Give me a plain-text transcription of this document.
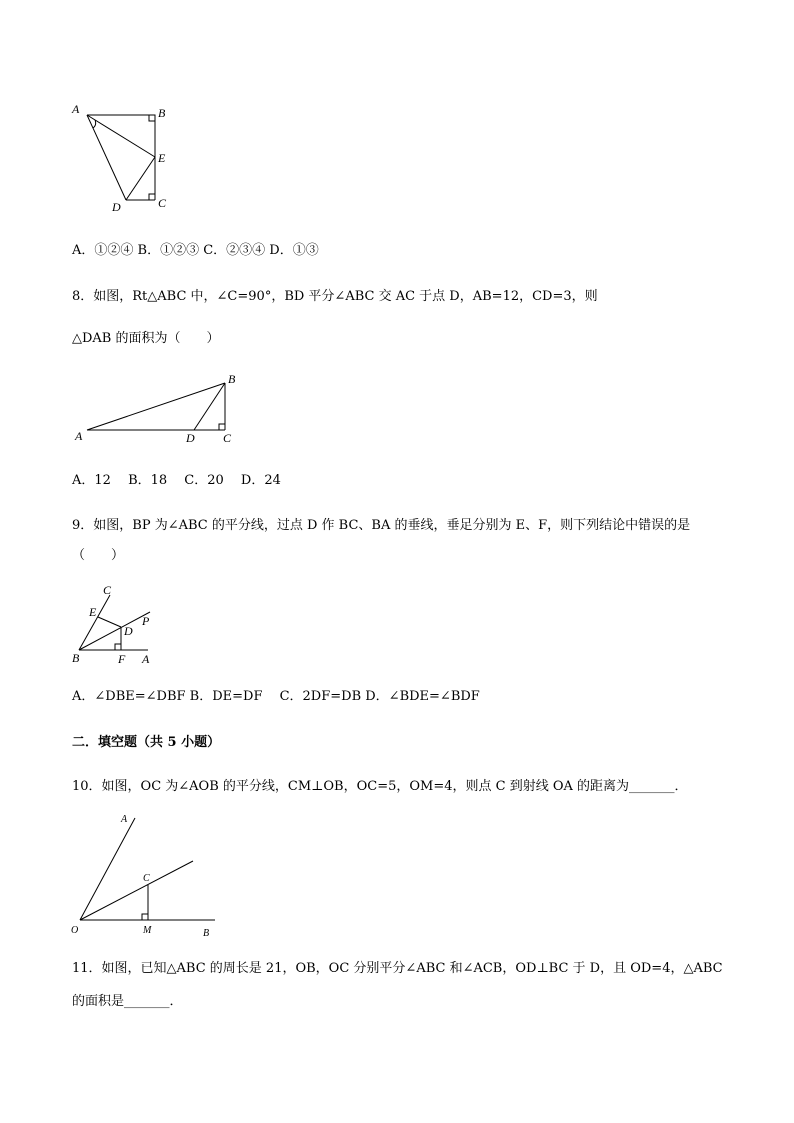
A	B
E
C
D
A．①②④ B．①②③ C．②③④ D．①③
8．如图，Rt△ABC 中，∠C=90°，BD 平分∠ABC 交 AC 于点 D，AB=12，CD=3，则
△DAB 的面积为（　　）
A
B
D C
A．12　 B．18　 C．20　 D．24
9．如图，BP 为∠ABC 的平分线，过点 D 作 BC、BA 的垂线，垂足分别为 E、F，则下列结论中错误的是
（　　）
C
E
P
D
B	F A
A．∠DBE=∠DBF B．DE=DF　 C．2DF=DB D．∠BDE=∠BDF
二．填空题（共 5 小题）
10．如图，OC 为∠AOB 的平分线，CM⊥OB，OC=5，OM=4，则点 C 到射线 OA 的距离为_______．
A
C
O	M	B
11．如图，已知△ABC 的周长是 21，OB，OC 分别平分∠ABC 和∠ACB，OD⊥BC 于 D，且 OD=4，△ABC
的面积是_______．
